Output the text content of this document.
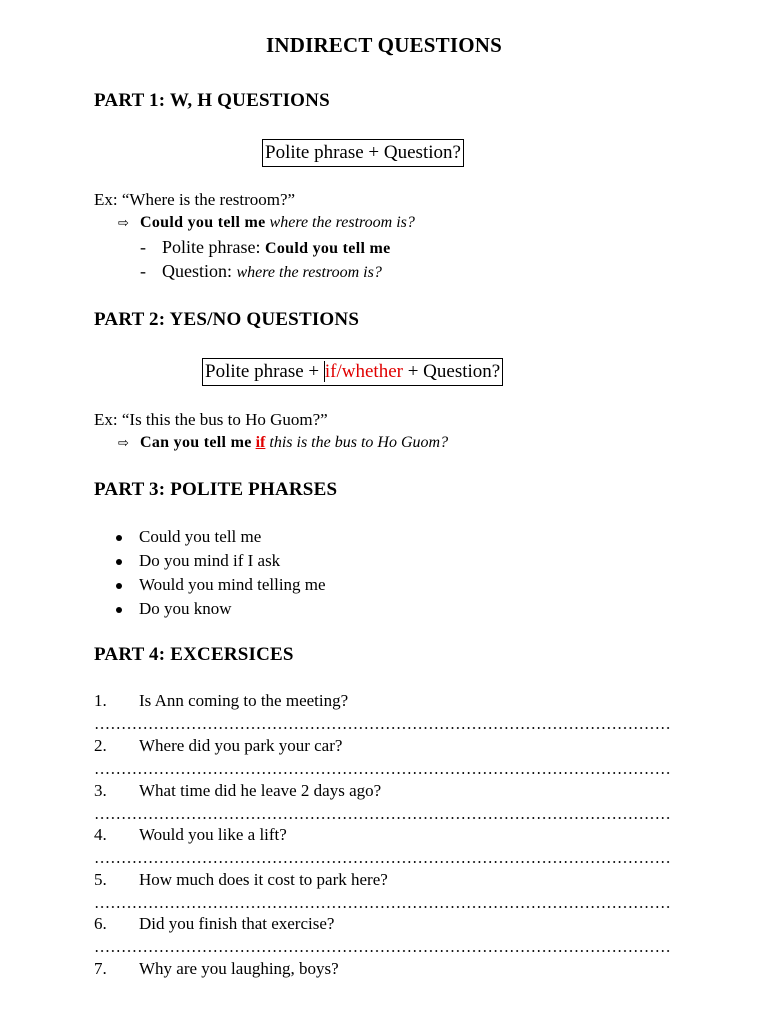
INDIRECT QUESTIONS
PART 1: W, H QUESTIONS
Polite phrase + Question?
Ex: “Where is the restroom?”
⇨ Could you tell me where the restroom is?
- Polite phrase: Could you tell me
- Question: where the restroom is?
PART 2: YES/NO QUESTIONS
Polite phrase + if/whether + Question?
Ex: “Is this the bus to Ho Guom?”
⇨ Can you tell me if this is the bus to Ho Guom?
PART 3: POLITE PHARSES
Could you tell me
Do you mind if I ask
Would you mind telling me
Do you know
PART 4: EXCERSICES
1. Is Ann coming to the meeting?
2. Where did you park your car?
3. What time did he leave 2 days ago?
4. Would you like a lift?
5. How much does it cost to park here?
6. Did you finish that exercise?
7. Why are you laughing, boys?
